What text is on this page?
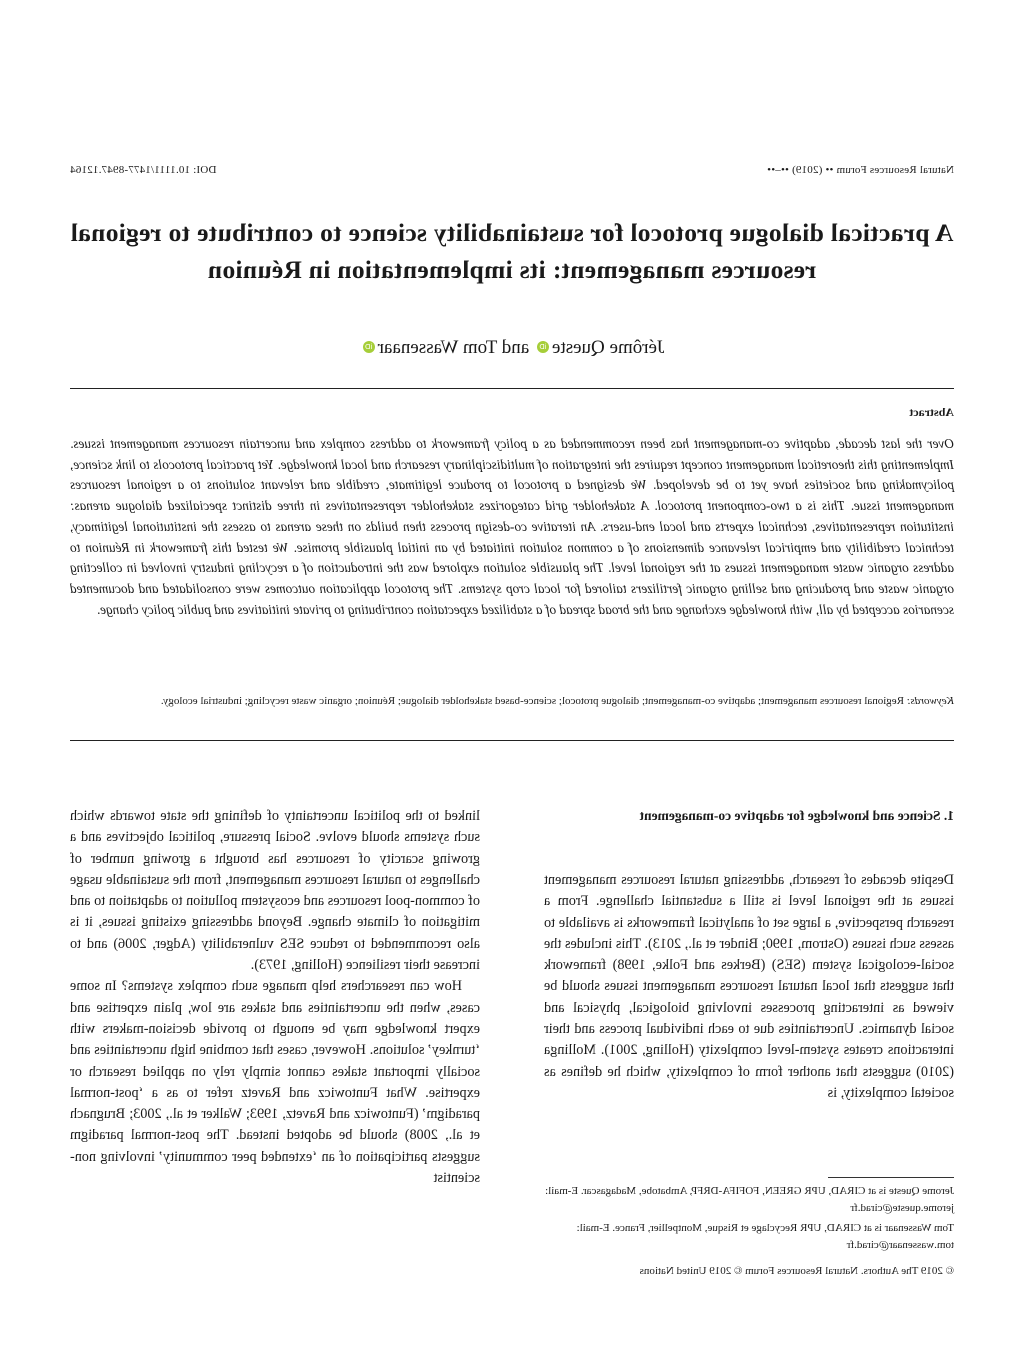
Natural Resources Forum •• (2019) ••–••
DOI: 10.1111/1477-8947.12164
A practical dialogue protocol for sustainability science to contribute to regional resources management: its implementation in Réunion
Jérôme QuesteiD and Tom WassenaariD
Abstract

Over the last decade, adaptive co-management has been recommended as a policy framework to address complex and uncertain resources management issues. Implementing this theoretical management concept requires the integration of multidisciplinary research and local knowledge. Yet practical protocols to link science, policymaking and societies have yet to be developed. We designed a protocol to produce legitimate, credible and relevant solutions to a regional resources management issue. This is a two-component protocol. A stakeholder grid categorizes stakeholder representatives in three distinct specialized dialogue arenas: institution representatives, technical experts and local end-users. An iterative co-design process then builds on these arenas to assess the institutional legitimacy, technical credibility and empirical relevance dimensions of a common solution initiated by an initial plausible promise. We tested this framework in Réunion to address organic waste management issues at the regional level. The plausible solution explored was the introduction of a recycling industry involved in collecting organic waste and producing and selling organic fertilizers tailored for local crop systems. The protocol application outcomes were consolidated and documented scenarios accepted by all, with knowledge exchange and the broad spread of a stabilized expectation contributing to private initiatives and public policy change.

Keywords: Regional resources management; adaptive co-management; dialogue protocol; science-based stakeholder dialogue; Réunion; organic waste recycling; industrial ecology.

1. Science and knowledge for adaptive co-management

Despite decades of research, addressing natural resources management issues at the regional level is still a substantial challenge. From a research perspective, a large set of analytical frameworks is available to assess such issues (Ostrom, 1990; Binder et al., 2013). This includes the social-ecological system (SES) (Berkes and Folke, 1998) framework that suggests that local natural resources management issues should be viewed as interacting processes involving biological, physical and social dynamics. Uncertainties due to each individual process and their interactions creates system-level complexity (Holling, 2001). Mollinga (2010) suggests that another form of complexity, which he defines as societal complexity, is

linked to the political uncertainty of defining the state towards which such systems should evolve. Social pressure, political objectives and a growing scarcity of resources has brought a growing number of challenges to natural resources management, from the sustainable usage of common-pool resources and ecosystem pollution to adaptation to and mitigation of climate change. Beyond addressing existing issues, it is also recommended to reduce SES vulnerability (Adger, 2006) and to increase their resilience (Holling, 1973).

How can researchers help manage such complex systems? In some cases, when the uncertainties and stakes are low, plain expertise and expert knowledge may be enough to provide decision-makers with ‘turnkey’ solutions. However, cases that combine high uncertainties and socially important stakes cannot simply rely on applied research or expertise. What Funtowicz and Ravetz refer to as a ‘post-normal paradigm’ (Funtowicz and Ravetz, 1993; Walker et al., 2003; Brugnach et al., 2008) should be adopted instead. The post-normal paradigm suggests participation of an ‘extended peer community’ involving non-scientist

Jerome Queste is at CIRAD, UPR GREEN, FOFIFA-DRFP, Ambatobe, Madagascar. E-mail: jerome.queste@cirad.fr

Tom Wassenaar is at CIRAD, UPR Recyclage et Risque, Montpellier, France. E-mail: tom.wassenaar@cirad.fr

© 2019 The Authors. Natural Resources Forum © 2019 United Nations
